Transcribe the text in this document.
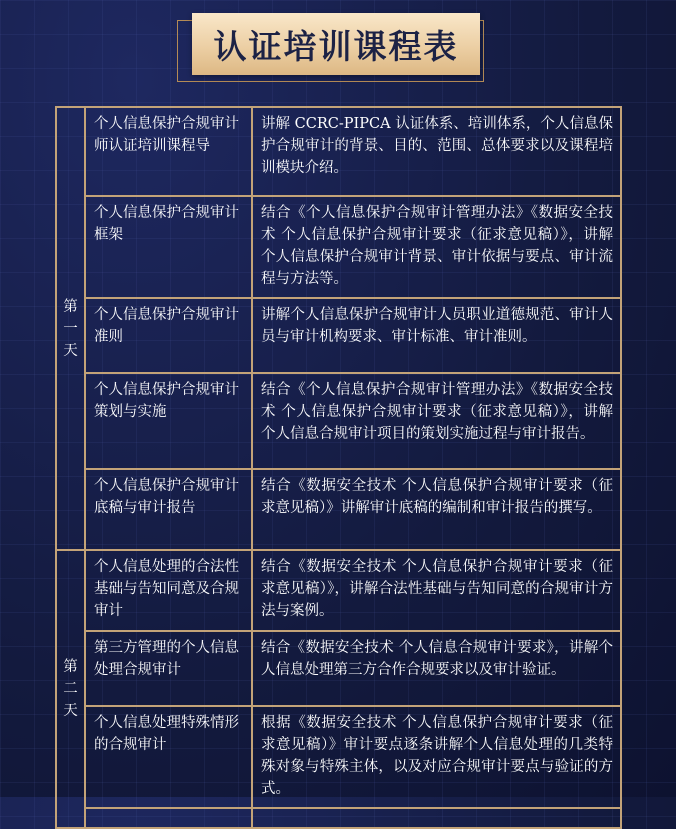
认证培训课程表
第一天	个人信息保护合规审计师认证培训课程导	讲解 CCRC-PIPCA 认证体系、培训体系，个人信息保护合规审计的背景、目的、范围、总体要求以及课程培训模块介绍。
	个人信息保护合规审计框架	结合《个人信息保护合规审计管理办法》《数据安全技术 个人信息保护合规审计要求（征求意见稿）》，讲解个人信息保护合规审计背景、审计依据与要点、审计流程与方法等。
	个人信息保护合规审计准则	讲解个人信息保护合规审计人员职业道德规范、审计人员与审计机构要求、审计标准、审计准则。
	个人信息保护合规审计策划与实施	结合《个人信息保护合规审计管理办法》《数据安全技术 个人信息保护合规审计要求（征求意见稿）》，讲解个人信息合规审计项目的策划实施过程与审计报告。
	个人信息保护合规审计底稿与审计报告	结合《数据安全技术 个人信息保护合规审计要求（征求意见稿）》讲解审计底稿的编制和审计报告的撰写。
第二天	个人信息处理的合法性基础与告知同意及合规审计	结合《数据安全技术 个人信息保护合规审计要求（征求意见稿）》，讲解合法性基础与告知同意的合规审计方法与案例。
	第三方管理的个人信息处理合规审计	结合《数据安全技术 个人信息合规审计要求》，讲解个人信息处理第三方合作合规要求以及审计验证。
	个人信息处理特殊情形的合规审计	根据《数据安全技术 个人信息保护合规审计要求（征求意见稿）》审计要点逐条讲解个人信息处理的几类特殊对象与特殊主体，以及对应合规审计要点与验证的方式。
